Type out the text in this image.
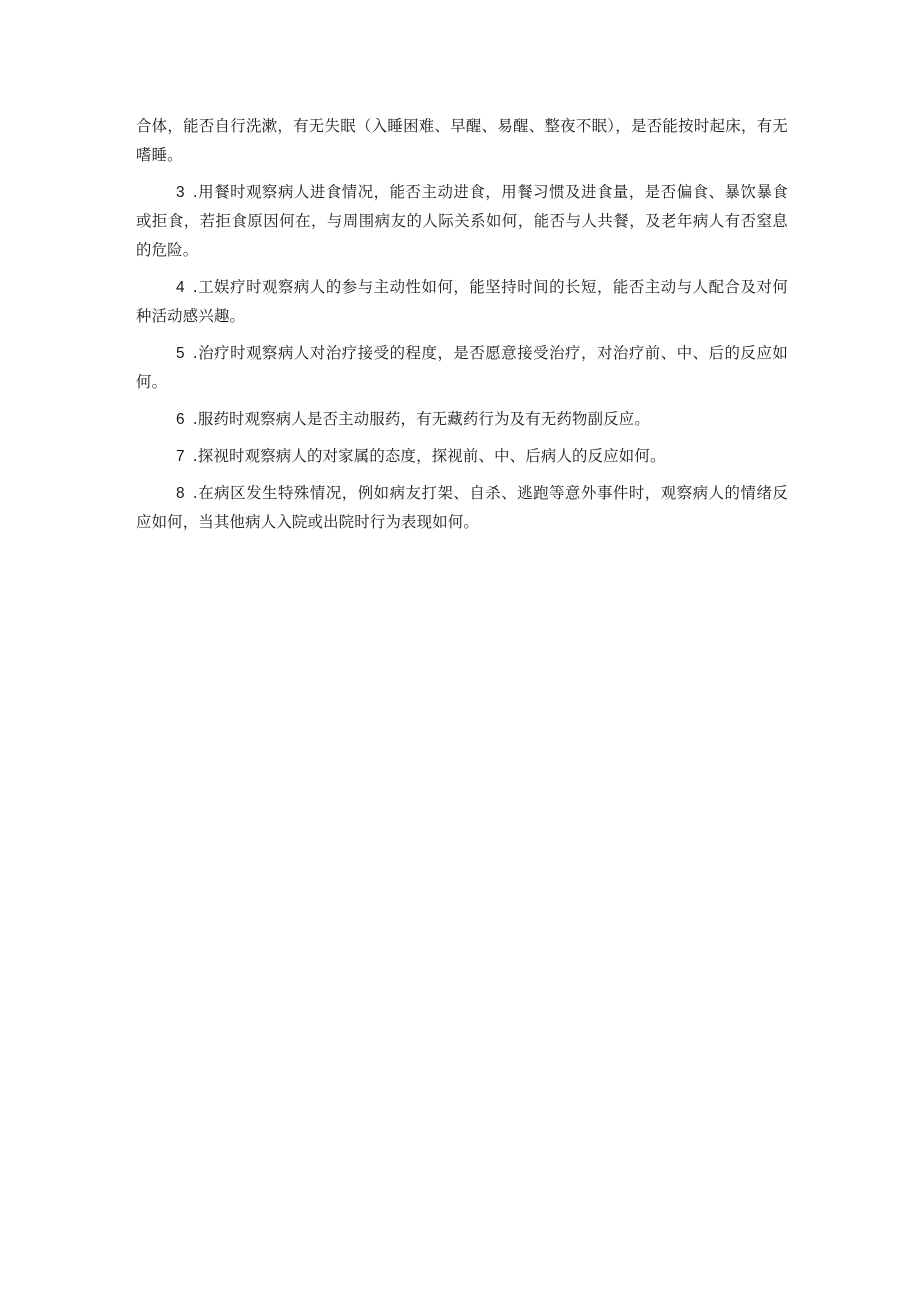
合体，能否自行洗漱，有无失眠（入睡困难、早醒、易醒、整夜不眠），是否能按时起床，有无嗜睡。

3 .用餐时观察病人进食情况，能否主动进食，用餐习惯及进食量，是否偏食、暴饮暴食或拒食，若拒食原因何在，与周围病友的人际关系如何，能否与人共餐，及老年病人有否窒息的危险。

4 .工娱疗时观察病人的参与主动性如何，能坚持时间的长短，能否主动与人配合及对何种活动感兴趣。

5 .治疗时观察病人对治疗接受的程度，是否愿意接受治疗，对治疗前、中、后的反应如何。

6 .服药时观察病人是否主动服药，有无藏药行为及有无药物副反应。

7 .探视时观察病人的对家属的态度，探视前、中、后病人的反应如何。

8 .在病区发生特殊情况，例如病友打架、自杀、逃跑等意外事件时，观察病人的情绪反应如何，当其他病人入院或出院时行为表现如何。
